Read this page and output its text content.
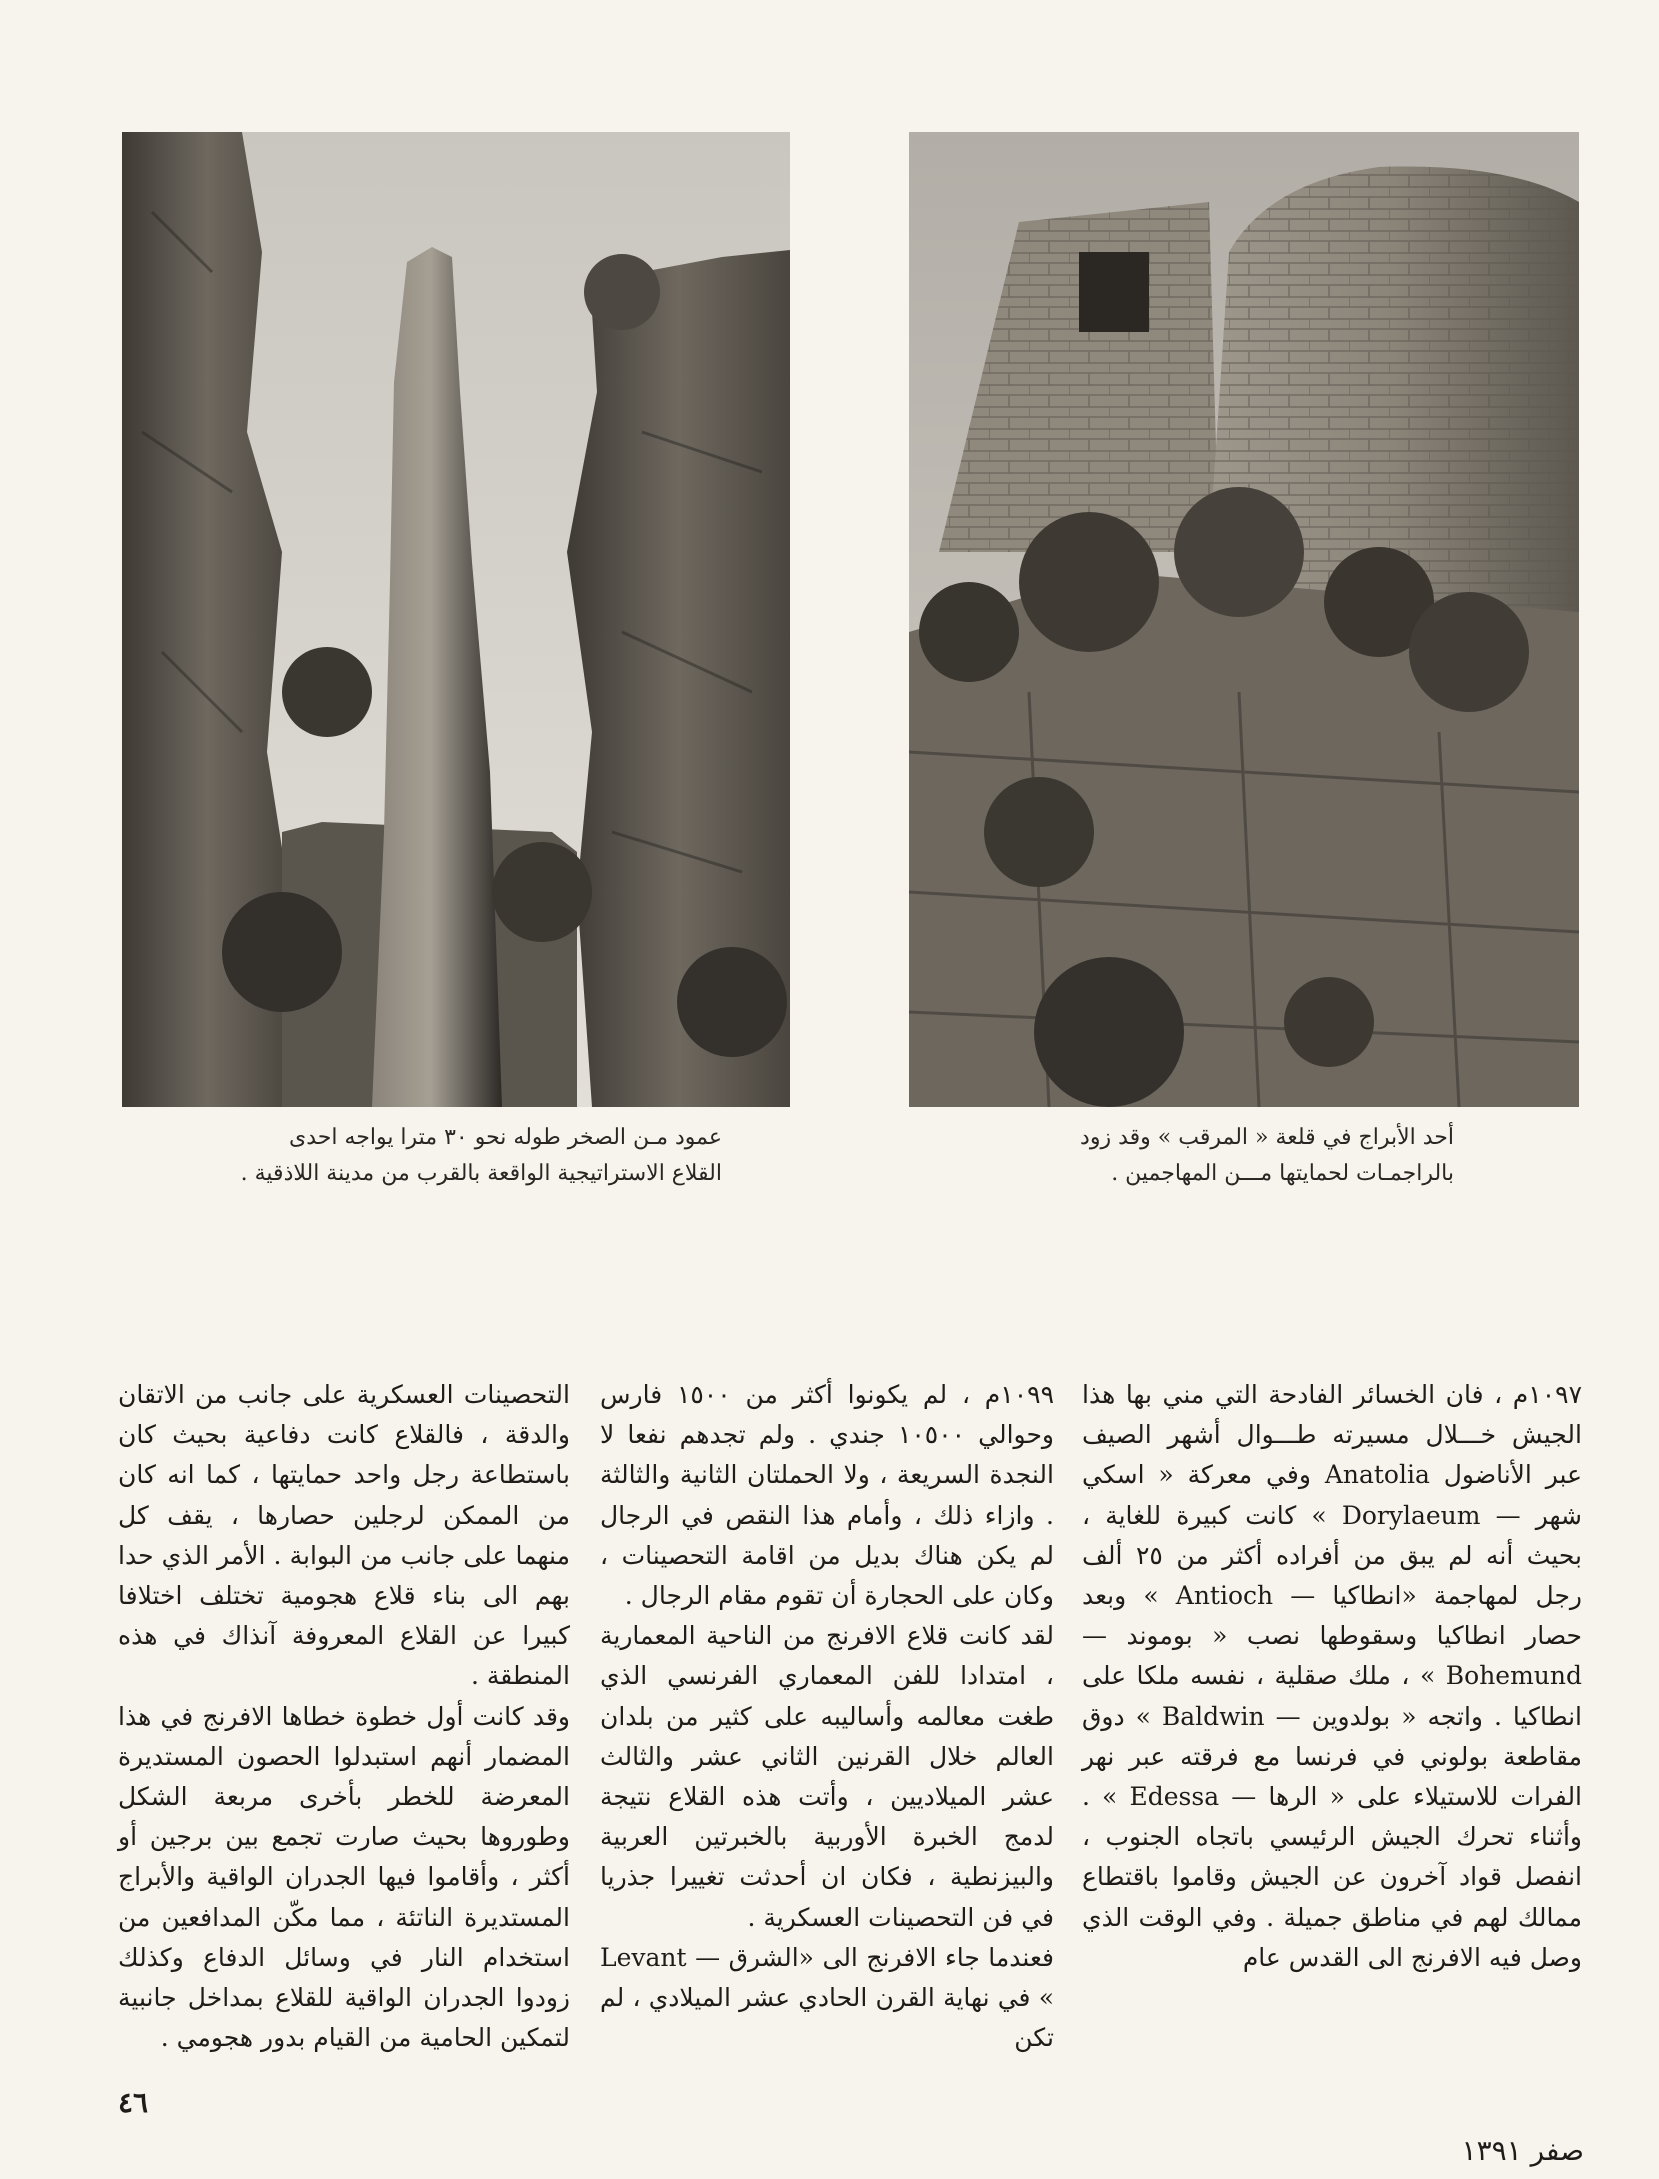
عمود مـن الصخر طوله نحو ٣٠ مترا يواجه احدى
القلاع الاستراتيجية الواقعة بالقرب من مدينة اللاذقية .
أحد الأبراج في قلعة « المرقب » وقد زود
بالراجمـات لحمايتها مـــن المهاجمين .

١٠٩٧م ، فان الخسائر الفادحة التي مني بها هذا الجيش خـــلال مسيرته طـــوال أشهر الصيف عبر الأناضول Anatolia وفي معركة « اسكي شهر — Dorylaeum » كانت كبيرة للغاية ، بحيث أنه لم يبق من أفراده أكثر من ٢٥ ألف رجل لمهاجمة «انطاكيا — Antioch » وبعد حصار انطاكيا وسقوطها نصب « بوموند — Bohemund » ، ملك صقلية ، نفسه ملكا على انطاكيا . واتجه « بولدوين — Baldwin » دوق مقاطعة بولوني في فرنسا مع فرقته عبر نهر الفرات للاستيلاء على « الرها — Edessa » . وأثناء تحرك الجيش الرئيسي باتجاه الجنوب ، انفصل قواد آخرون عن الجيش وقاموا باقتطاع ممالك لهم في مناطق جميلة . وفي الوقت الذي وصل فيه الافرنج الى القدس عام

١٠٩٩م ، لم يكونوا أكثر من ١٥٠٠ فارس وحوالي ١٠٥٠٠ جندي . ولم تجدهم نفعا لا النجدة السريعة ، ولا الحملتان الثانية والثالثة . وازاء ذلك ، وأمام هذا النقص في الرجال لم يكن هناك بديل من اقامة التحصينات ، وكان على الحجارة أن تقوم مقام الرجال .

لقد كانت قلاع الافرنج من الناحية المعمارية ، امتدادا للفن المعماري الفرنسي الذي طغت معالمه وأساليبه على كثير من بلدان العالم خلال القرنين الثاني عشر والثالث عشر الميلاديين ، وأتت هذه القلاع نتيجة لدمج الخبرة الأوربية بالخبرتين العربية والبيزنطية ، فكان ان أحدثت تغييرا جذريا في فن التحصينات العسكرية .

فعندما جاء الافرنج الى «الشرق — Levant » في نهاية القرن الحادي عشر الميلادي ، لم تكن

التحصينات العسكرية على جانب من الاتقان والدقة ، فالقلاع كانت دفاعية بحيث كان باستطاعة رجل واحد حمايتها ، كما انه كان من الممكن لرجلين حصارها ، يقف كل منهما على جانب من البوابة . الأمر الذي حدا بهم الى بناء قلاع هجومية تختلف اختلافا كبيرا عن القلاع المعروفة آنذاك في هذه المنطقة .

وقد كانت أول خطوة خطاها الافرنج في هذا المضمار أنهم استبدلوا الحصون المستديرة المعرضة للخطر بأخرى مربعة الشكل وطوروها بحيث صارت تجمع بين برجين أو أكثر ، وأقاموا فيها الجدران الواقية والأبراج المستديرة الناتئة ، مما مكّن المدافعين من استخدام النار في وسائل الدفاع وكذلك زودوا الجدران الواقية للقلاع بمداخل جانبية لتمكين الحامية من القيام بدور هجومي .

٤٦
صفر ١٣٩١
